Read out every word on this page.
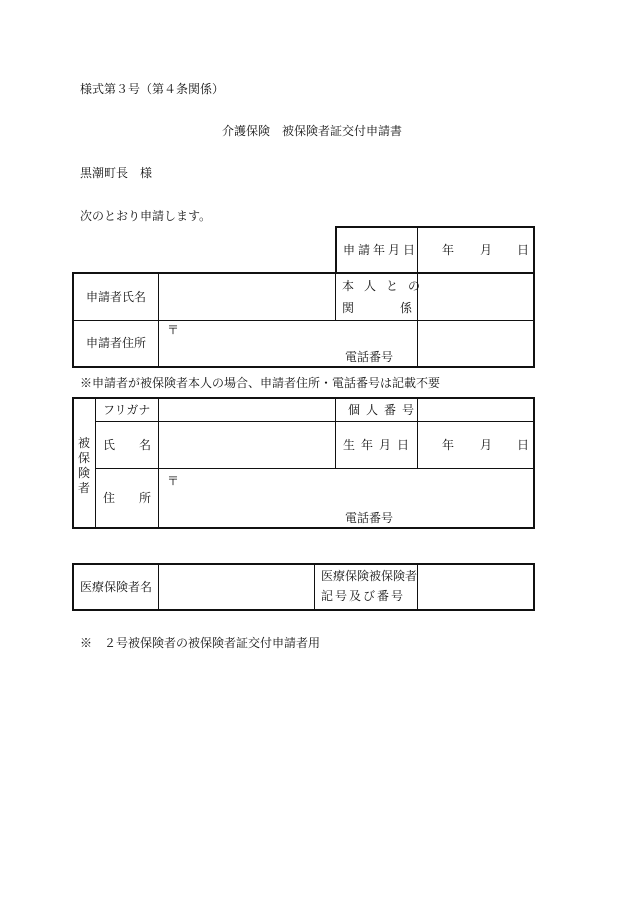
様式第３号（第４条関係）
介護保険　被保険者証交付申請書
黒潮町長　様
次のとおり申請します。
申請年月日 年 月 日
申請者氏名
本人との
関　係
申請者住所
〒
電話番号
※申請者が被保険者本人の場合、申請者住所・電話番号は記載不要
被保険者
フリガナ	個人番号
氏　名	生年月日 年 月 日
住　所
〒
電話番号
医療保険者名
医療保険被保険者
記号及び番号
※　２号被保険者の被保険者証交付申請者用
